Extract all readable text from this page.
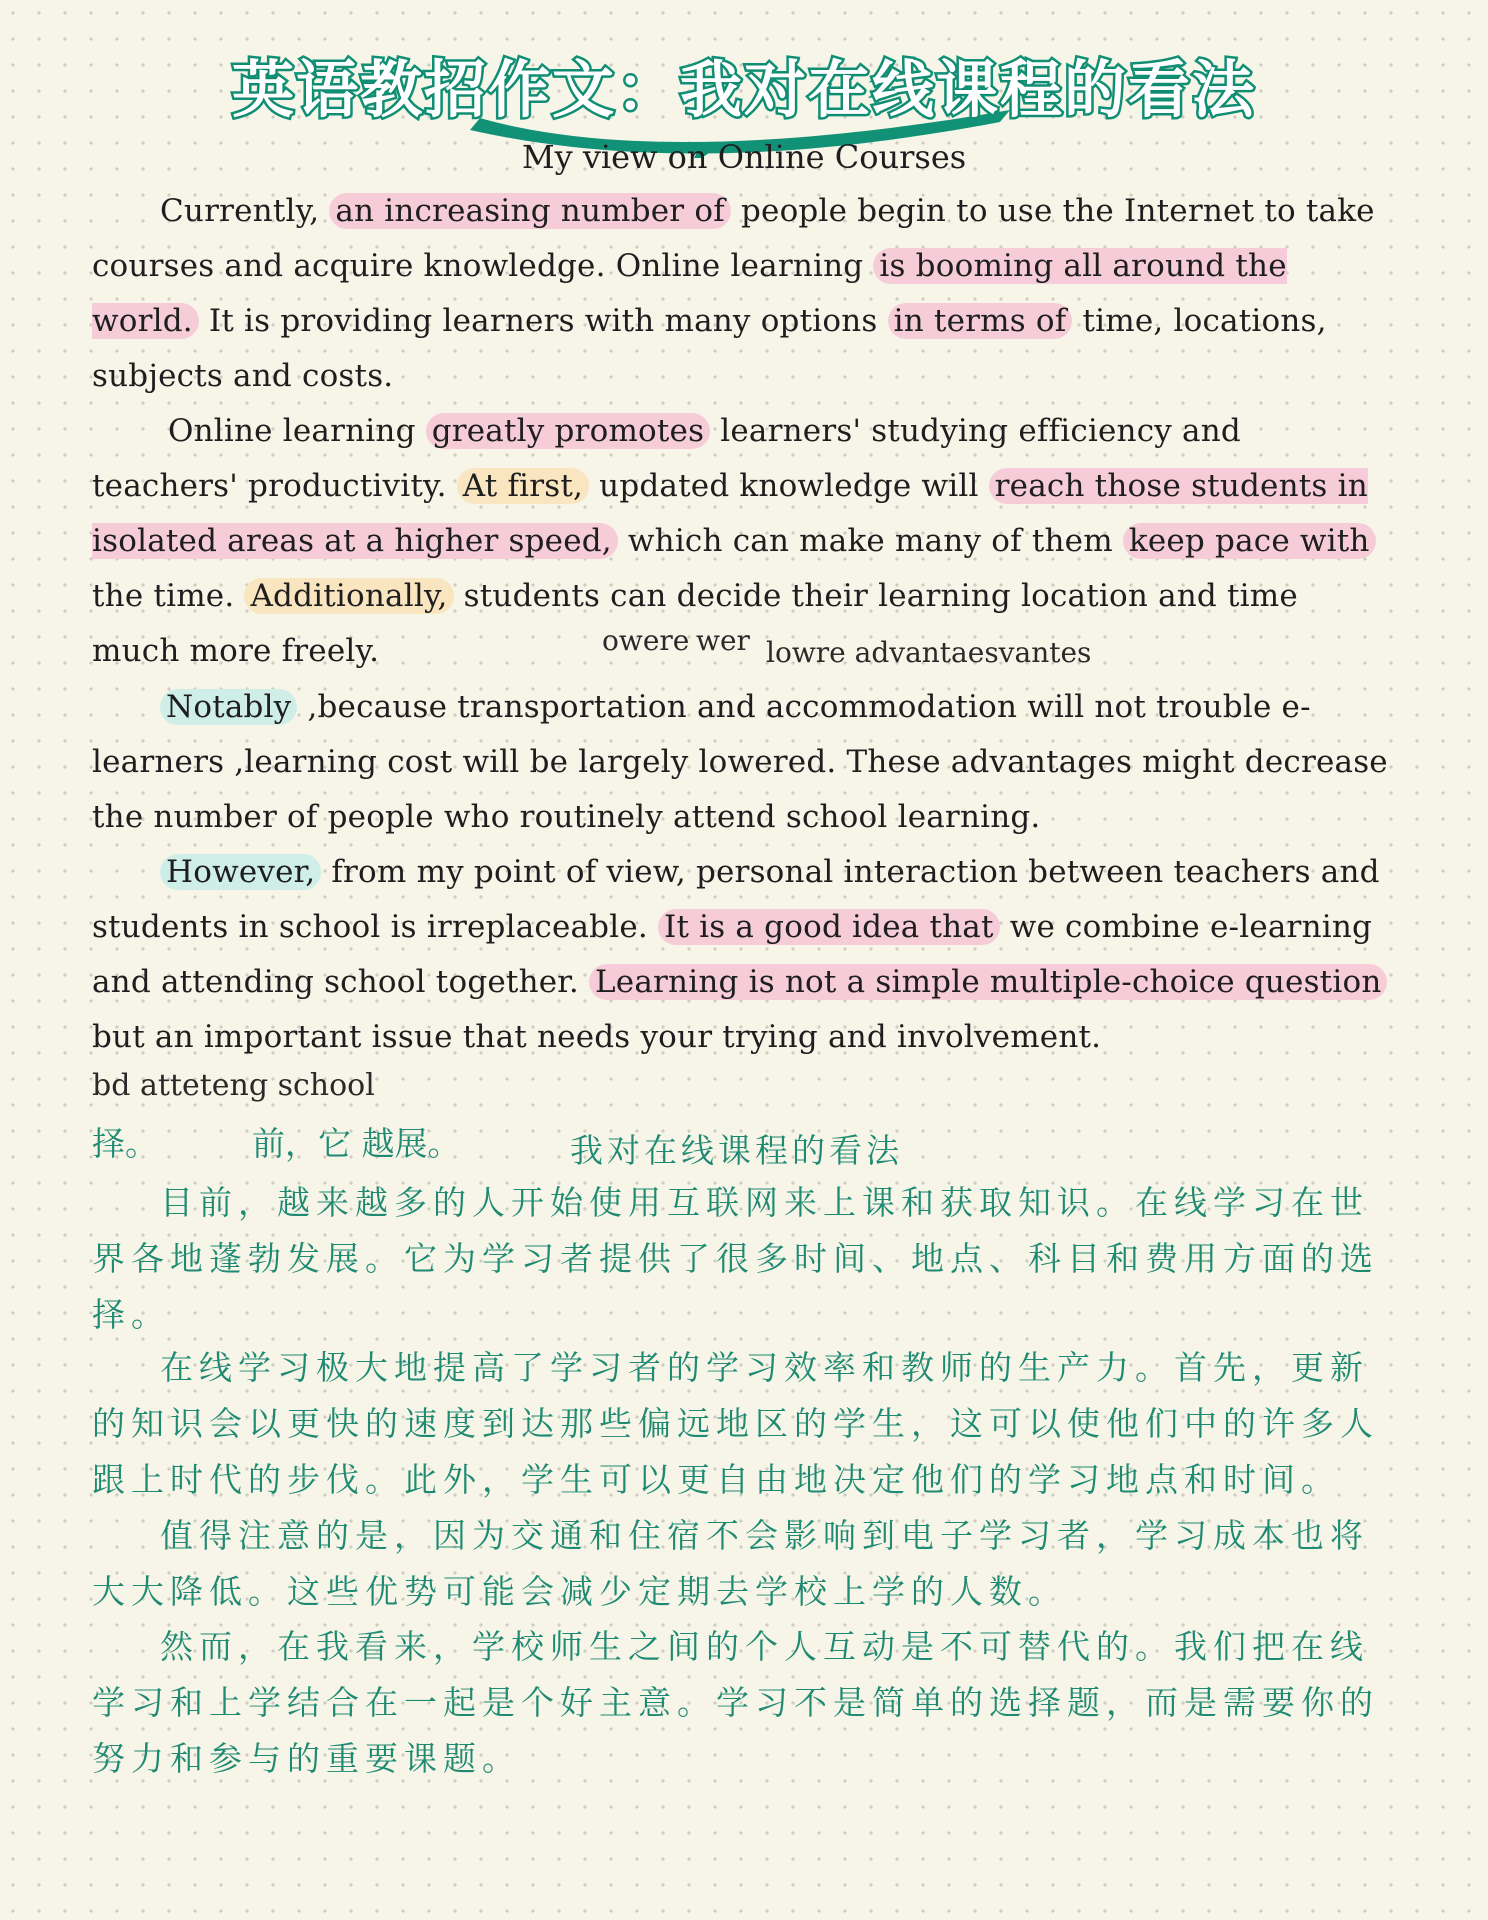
英语教招作文：我对在线课程的看法
My view on Online Courses

Currently, an increasing number of people begin to use the Internet to take courses and acquire knowledge. Online learning is booming all around the world. It is providing learners with many options in terms of time, locations, subjects and costs.

Online learning greatly promotes learners' studying efficiency and teachers' productivity. At first, updated knowledge will reach those students in isolated areas at a higher speed, which can make many of them keep pace with the time. Additionally, students can decide their learning location and time much more freely.	owere wer lowre advantaesvantes

Notably ,because transportation and accommodation will not trouble e-learners ,learning cost will be largely lowered. These advantages might decrease the number of people who routinely attend school learning.

However, from my point of view, personal interaction between teachers and students in school is irreplaceable. It is a good idea that we combine e-learning and attending school together. Learning is not a simple multiple-choice question but an important issue that needs your trying and involvement.

bd atteteng school
择。	前，它 越展。	我对在线课程的看法

目前，越来越多的人开始使用互联网来上课和获取知识。在线学习在世界各地蓬勃发展。它为学习者提供了很多时间、地点、科目和费用方面的选择。

在线学习极大地提高了学习者的学习效率和教师的生产力。首先，更新的知识会以更快的速度到达那些偏远地区的学生，这可以使他们中的许多人跟上时代的步伐。此外，学生可以更自由地决定他们的学习地点和时间。

值得注意的是，因为交通和住宿不会影响到电子学习者，学习成本也将大大降低。这些优势可能会减少定期去学校上学的人数。

然而，在我看来，学校师生之间的个人互动是不可替代的。我们把在线学习和上学结合在一起是个好主意。学习不是简单的选择题，而是需要你的努力和参与的重要课题。
